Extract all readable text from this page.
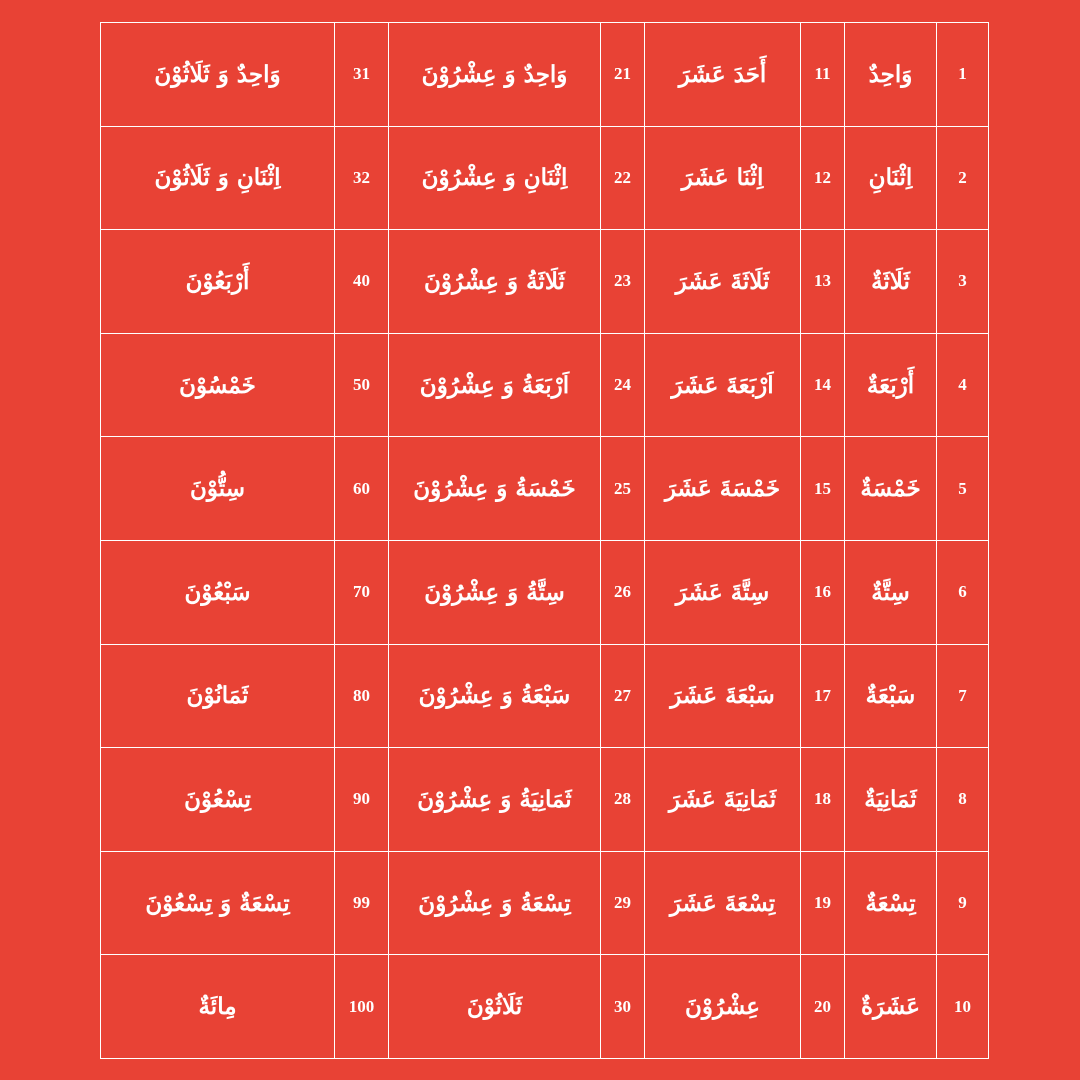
وَاحِدٌ وَ ثَلَاثُوْنَ	31	وَاحِدٌ وَ عِشْرُوْنَ	21	أَحَدَ عَشَرَ	11	وَاحِدٌ	1
اِثْنَانِ وَ ثَلَاثُوْنَ	32	اِثْنَانِ وَ عِشْرُوْنَ	22	اِثْنَا عَشَرَ	12	اِثْنَانِ	2
أَرْبَعُوْنَ	40	ثَلَاثَةُ وَ عِشْرُوْنَ	23	ثَلَاثَةَ عَشَرَ	13	ثَلَاثَةٌ	3
خَمْسُوْنَ	50	اَرْبَعَةُ وَ عِشْرُوْنَ	24	اَرْبَعَةَ عَشَرَ	14	أَرْبَعَةٌ	4
سِتُّوْنَ	60	خَمْسَةُ وَ عِشْرُوْنَ	25	خَمْسَةَ عَشَرَ	15	خَمْسَةٌ	5
سَبْعُوْنَ	70	سِتَّةُ وَ عِشْرُوْنَ	26	سِتَّةَ عَشَرَ	16	سِتَّةٌ	6
ثَمَانُوْنَ	80	سَبْعَةُ وَ عِشْرُوْنَ	27	سَبْعَةَ عَشَرَ	17	سَبْعَةٌ	7
تِسْعُوْنَ	90	ثَمَانِيَةُ وَ عِشْرُوْنَ	28	ثَمَانِيَةَ عَشَرَ	18	ثَمَانِيَةٌ	8
تِسْعَةٌ وَ تِسْعُوْنَ	99	تِسْعَةُ وَ عِشْرُوْنَ	29	تِسْعَةَ عَشَرَ	19	تِسْعَةٌ	9
مِائَةٌ	100	ثَلَاثُوْنَ	30	عِشْرُوْنَ	20	عَشَرَةٌ	10
